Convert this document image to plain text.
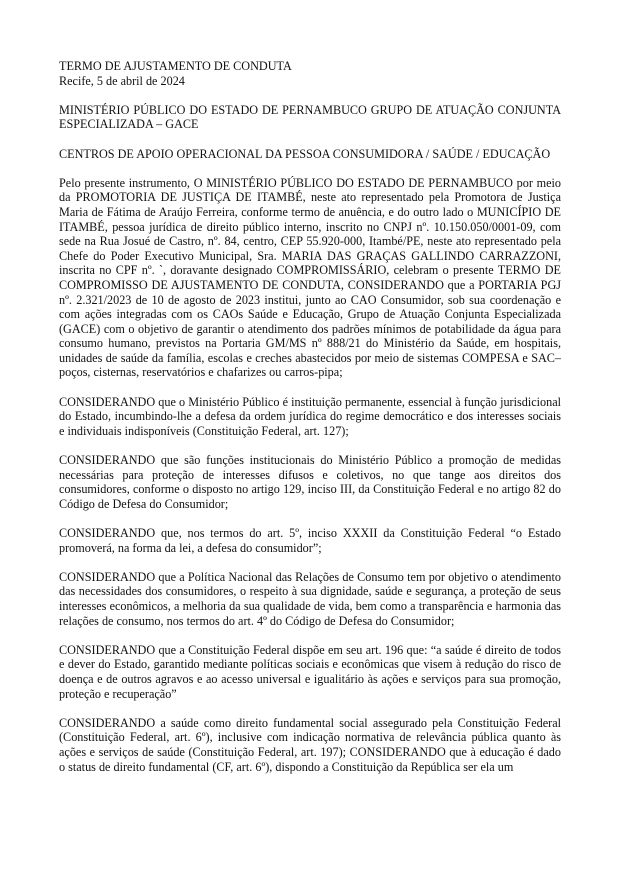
TERMO DE AJUSTAMENTO DE CONDUTA
Recife, 5 de abril de 2024

MINISTÉRIO PÚBLICO DO ESTADO DE PERNAMBUCO GRUPO DE ATUAÇÃO CONJUNTA ESPECIALIZADA – GACE

CENTROS DE APOIO OPERACIONAL DA PESSOA CONSUMIDORA / SAÚDE / EDUCAÇÃO

Pelo presente instrumento, O MINISTÉRIO PÚBLICO DO ESTADO DE PERNAMBUCO por meio da PROMOTORIA DE JUSTIÇA DE ITAMBÉ, neste ato representado pela Promotora de Justiça Maria de Fátima de Araújo Ferreira, conforme termo de anuência, e do outro lado o MUNICÍPIO DE ITAMBÉ, pessoa jurídica de direito público interno, inscrito no CNPJ nº. 10.150.050/0001-09, com sede na Rua Josué de Castro, nº. 84, centro, CEP 55.920-000, Itambé/PE, neste ato representado pela Chefe do Poder Executivo Municipal, Sra. MARIA DAS GRAÇAS GALLINDO CARRAZZONI, inscrita no CPF nº. `, doravante designado COMPROMISSÁRIO, celebram o presente TERMO DE COMPROMISSO DE AJUSTAMENTO DE CONDUTA, CONSIDERANDO que a PORTARIA PGJ nº. 2.321/2023 de 10 de agosto de 2023 institui, junto ao CAO Consumidor, sob sua coordenação e com ações integradas com os CAOs Saúde e Educação, Grupo de Atuação Conjunta Especializada (GACE) com o objetivo de garantir o atendimento dos padrões mínimos de potabilidade da água para consumo humano, previstos na Portaria GM/MS nº 888/21 do Ministério da Saúde, em hospitais, unidades de saúde da família, escolas e creches abastecidos por meio de sistemas COMPESA e SAC–poços, cisternas, reservatórios e chafarizes ou carros-pipa;

CONSIDERANDO que o Ministério Público é instituição permanente, essencial à função jurisdicional do Estado, incumbindo-lhe a defesa da ordem jurídica do regime democrático e dos interesses sociais e individuais indisponíveis (Constituição Federal, art. 127);

CONSIDERANDO que são funções institucionais do Ministério Público a promoção de medidas necessárias para proteção de interesses difusos e coletivos, no que tange aos direitos dos consumidores, conforme o disposto no artigo 129, inciso III, da Constituição Federal e no artigo 82 do Código de Defesa do Consumidor;

CONSIDERANDO que, nos termos do art. 5º, inciso XXXII da Constituição Federal “o Estado promoverá, na forma da lei, a defesa do consumidor”;

CONSIDERANDO que a Política Nacional das Relações de Consumo tem por objetivo o atendimento das necessidades dos consumidores, o respeito à sua dignidade, saúde e segurança, a proteção de seus interesses econômicos, a melhoria da sua qualidade de vida, bem como a transparência e harmonia das relações de consumo, nos termos do art. 4º do Código de Defesa do Consumidor;

CONSIDERANDO que a Constituição Federal dispõe em seu art. 196 que: “a saúde é direito de todos e dever do Estado, garantido mediante políticas sociais e econômicas que visem à redução do risco de doença e de outros agravos e ao acesso universal e igualitário às ações e serviços para sua promoção, proteção e recuperação”

CONSIDERANDO a saúde como direito fundamental social assegurado pela Constituição Federal (Constituição Federal, art. 6º), inclusive com indicação normativa de relevância pública quanto às ações e serviços de saúde (Constituição Federal, art. 197); CONSIDERANDO que à educação é dado o status de direito fundamental (CF, art. 6º), dispondo a Constituição da República ser ela um
